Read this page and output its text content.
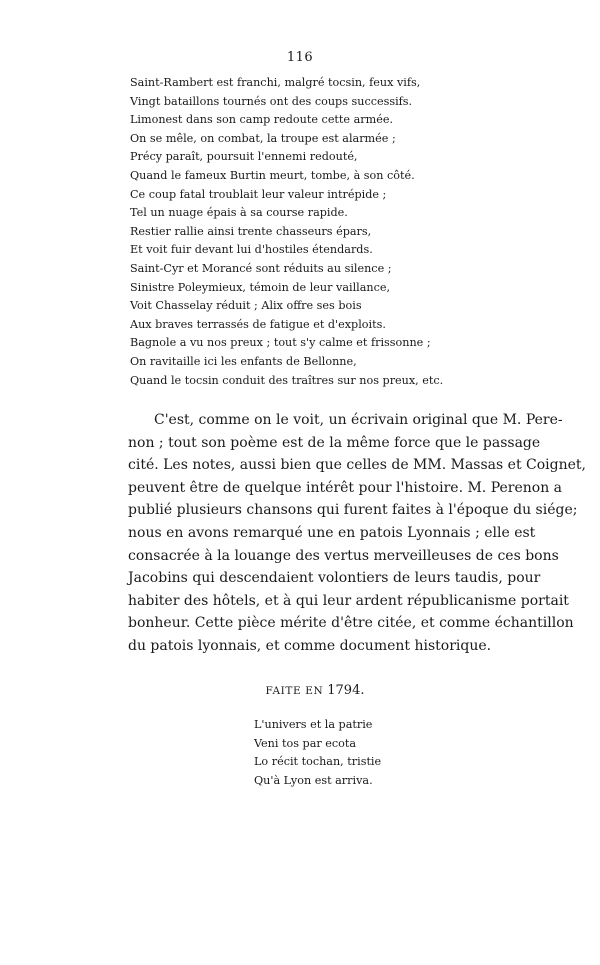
116
Saint-Rambert est franchi, malgré tocsin, feux vifs,
Vingt bataillons tournés ont des coups successifs.
Limonest dans son camp redoute cette armée.
On se mêle, on combat, la troupe est alarmée ;
Précy paraît, poursuit l'ennemi redouté,
Quand le fameux Burtin meurt, tombe, à son côté.
Ce coup fatal troublait leur valeur intrépide ;
Tel un nuage épais à sa course rapide.
Restier rallie ainsi trente chasseurs épars,
Et voit fuir devant lui d'hostiles étendards.
Saint-Cyr et Morancé sont réduits au silence ;
Sinistre Poleymieux, témoin de leur vaillance,
Voit Chasselay réduit ; Alix offre ses bois
Aux braves terrassés de fatigue et d'exploits.
Bagnole a vu nos preux ; tout s'y calme et frissonne ;
On ravitaille ici les enfants de Bellonne,
Quand le tocsin conduit des traîtres sur nos preux, etc.
C'est, comme on le voit, un écrivain original que M. Pere-
non ; tout son poème est de la même force que le passage
cité. Les notes, aussi bien que celles de MM. Massas et Coignet,
peuvent être de quelque intérêt pour l'histoire. M. Perenon a
publié plusieurs chansons qui furent faites à l'époque du siége;
nous en avons remarqué une en patois Lyonnais ; elle est
consacrée à la louange des vertus merveilleuses de ces bons
Jacobins qui descendaient volontiers de leurs taudis, pour
habiter des hôtels, et à qui leur ardent républicanisme portait
bonheur. Cette pièce mérite d'être citée, et comme échantillon
du patois lyonnais, et comme document historique.
FAITE EN 1794.
L'univers et la patrie
Veni tos par ecota
Lo récit tochan, tristie
Qu'à Lyon est arriva.
